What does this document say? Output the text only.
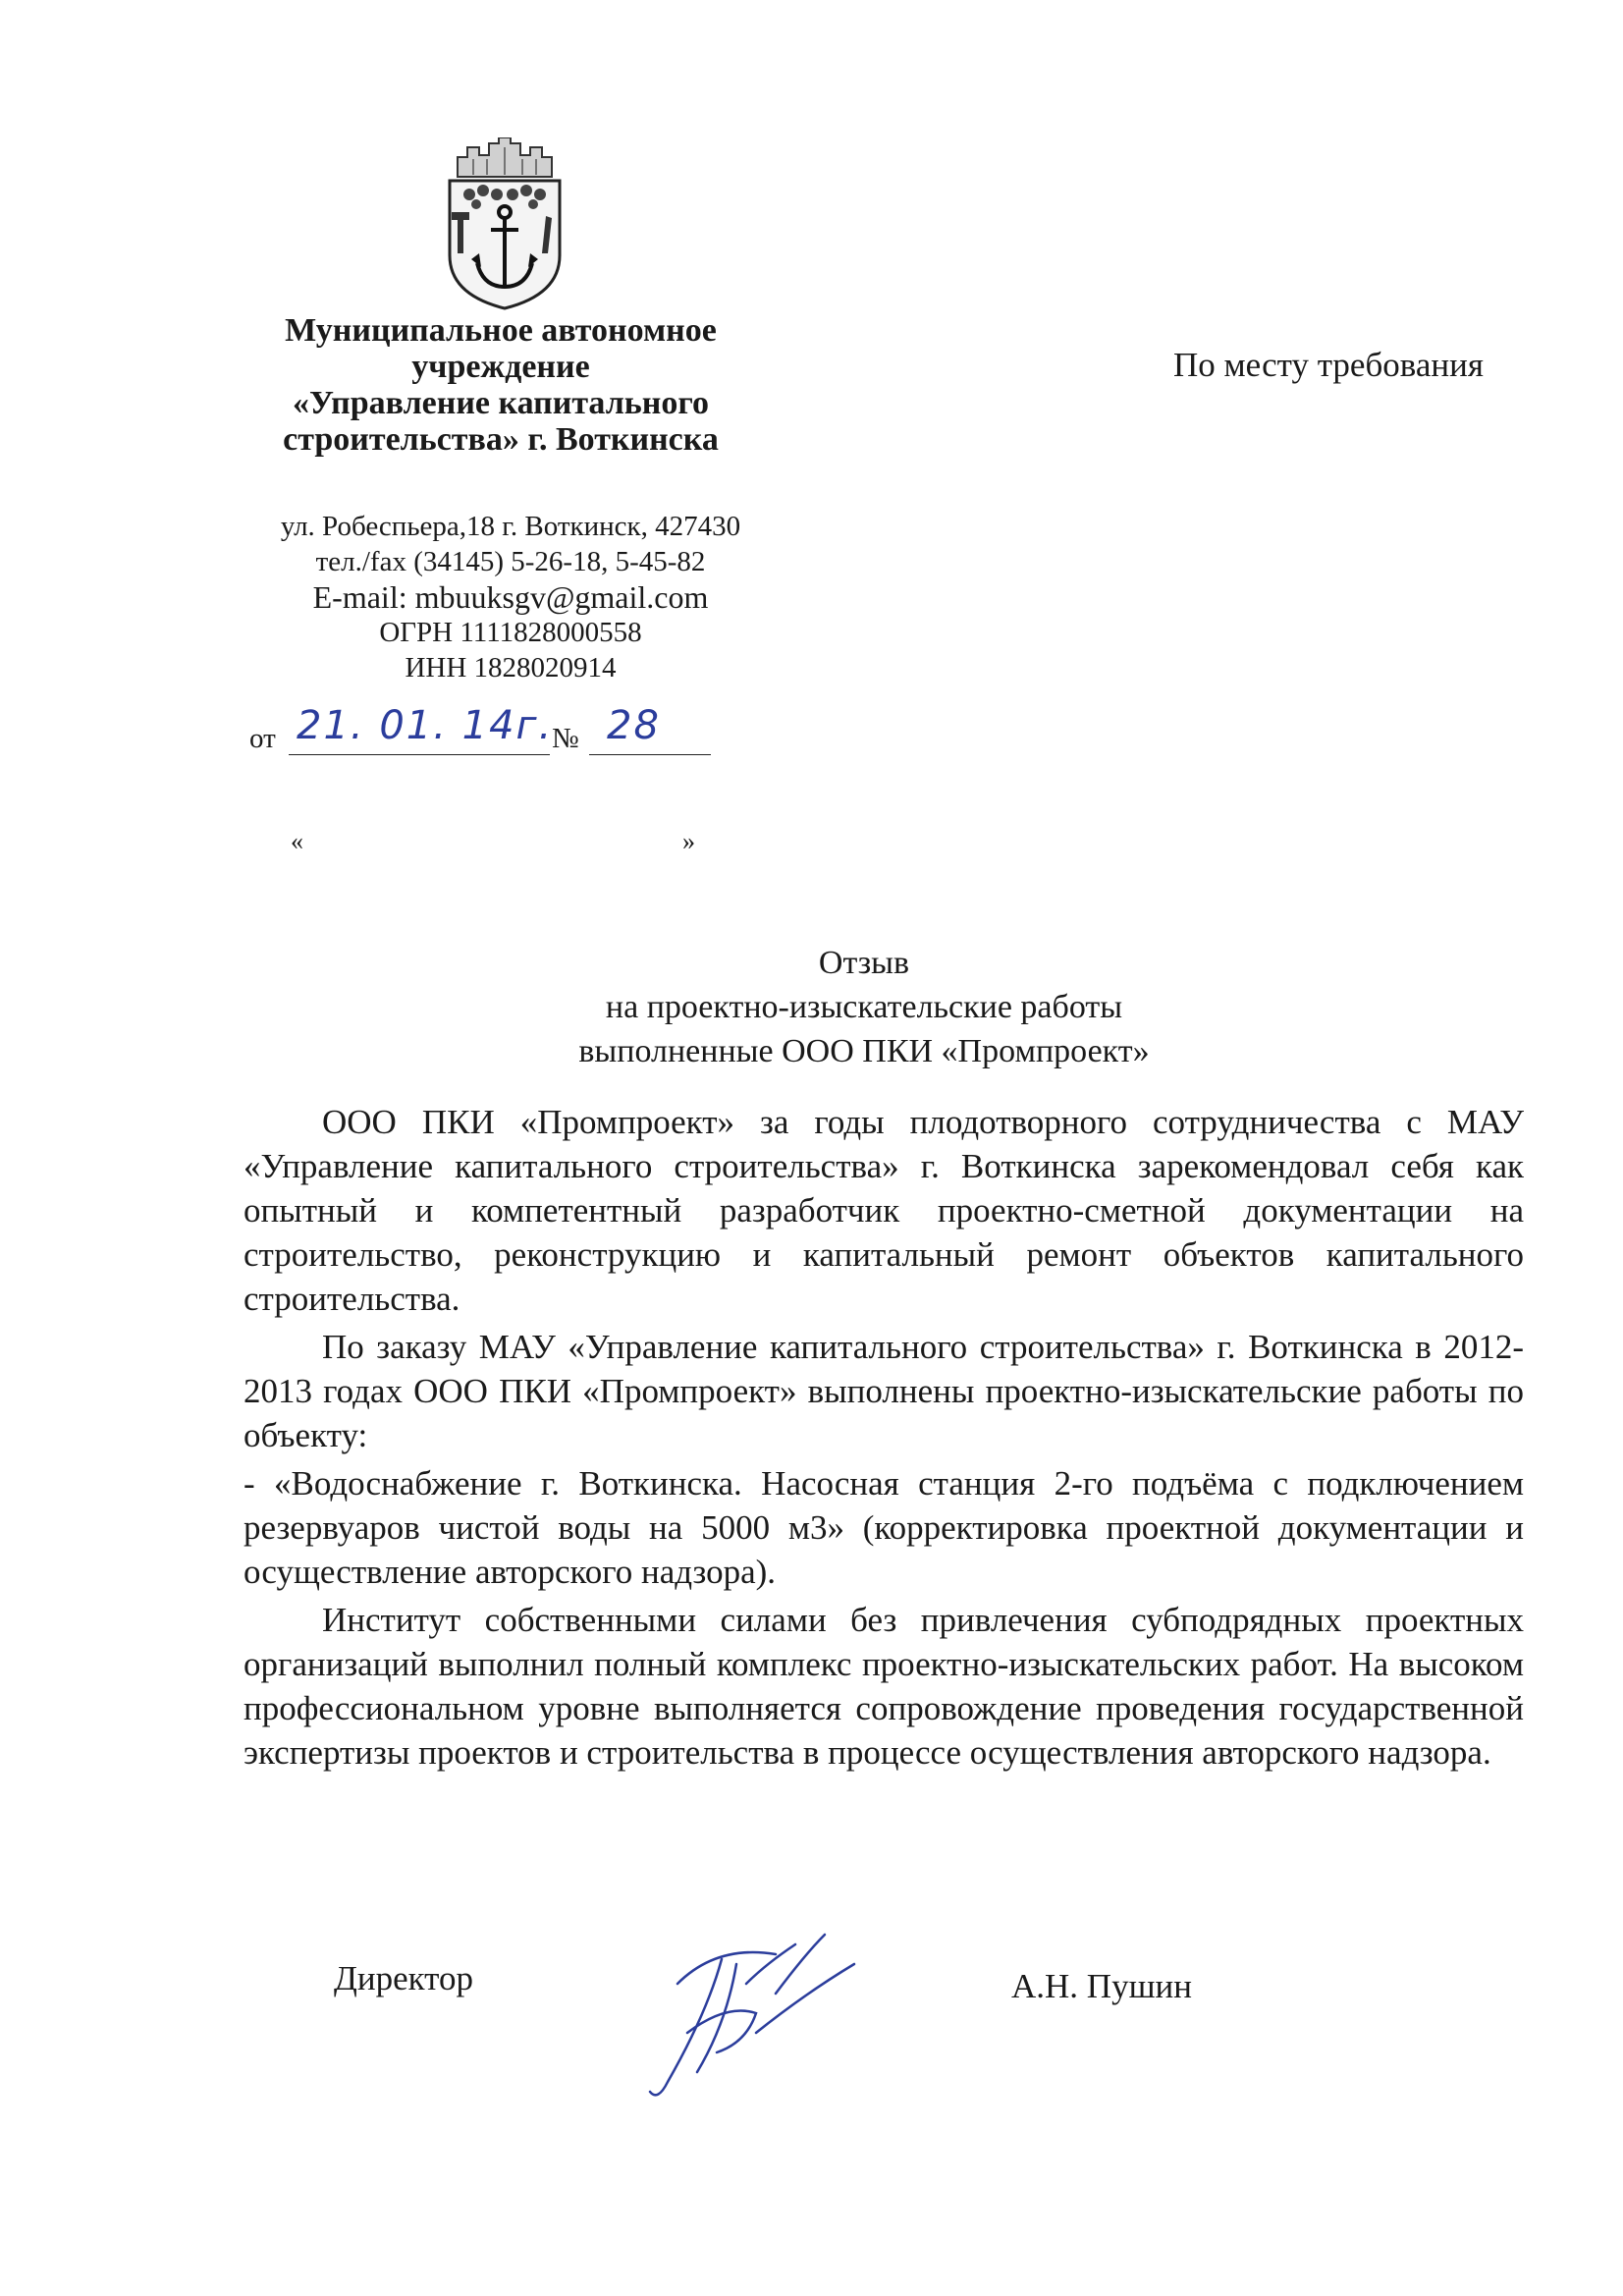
Муниципальное автономное
учреждение
«Управление капитального
строительства» г. Воткинска
По месту требования
ул. Робеспьера,18 г. Воткинск, 427430
тел./fax (34145) 5-26-18, 5-45-82
E-mail: mbuuksgv@gmail.com
ОГРН 1111828000558
ИНН 1828020914
от 21. 01. 14г.
№ 28
«	»
Отзыв
на проектно-изыскательские работы
выполненные ООО ПКИ «Промпроект»

ООО ПКИ «Промпроект» за годы плодотворного сотрудничества с МАУ «Управление капитального строительства» г. Воткинска зарекомендовал себя как опытный и компетентный разработчик проектно-сметной документации на строительство, реконструкцию и капитальный ремонт объектов капитального строительства.

По заказу МАУ «Управление капитального строительства» г. Воткинска в 2012-2013 годах ООО ПКИ «Промпроект» выполнены проектно-изыскательские работы по объекту:

- «Водоснабжение г. Воткинска. Насосная станция 2-го подъёма с подключением резервуаров чистой воды на 5000 м3» (корректировка проектной документации и осуществление авторского надзора).

Институт собственными силами без привлечения субподрядных проектных организаций выполнил полный комплекс проектно-изыскательских работ. На высоком профессиональном уровне выполняется сопровождение проведения государственной экспертизы проектов и строительства в процессе осуществления авторского надзора.

Директор	А.Н. Пушин
